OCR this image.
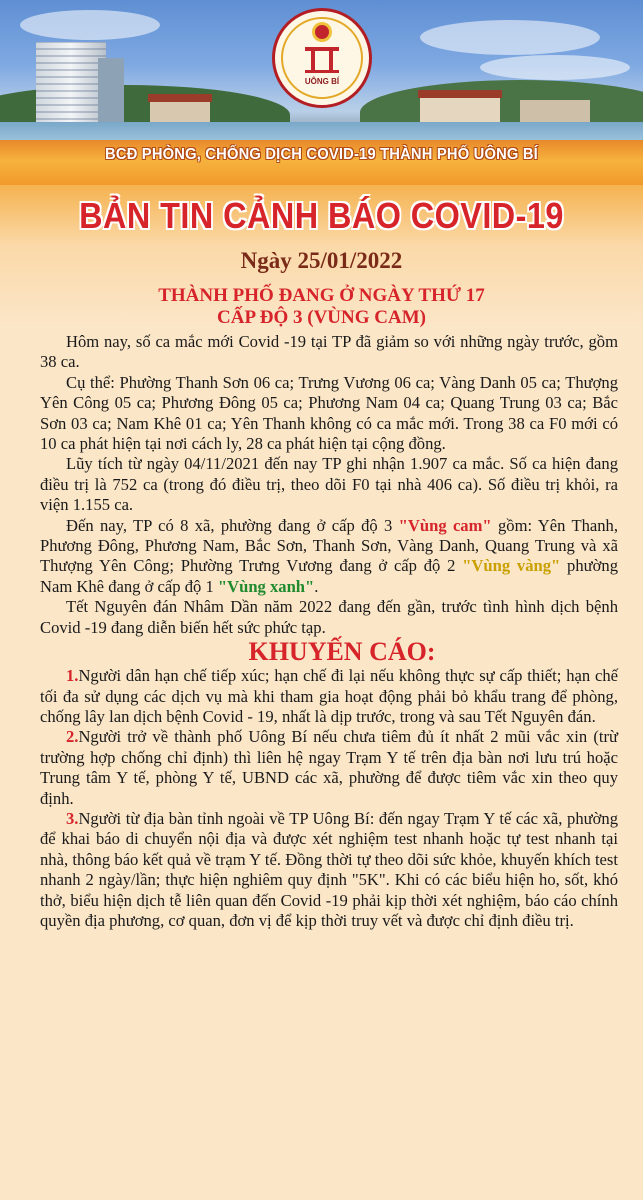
UÔNG BÍ
BCĐ PHÒNG, CHỐNG DỊCH COVID-19 THÀNH PHỐ UÔNG BÍ
BẢN TIN CẢNH BÁO COVID-19
Ngày 25/01/2022
THÀNH PHỐ ĐANG Ở NGÀY THỨ 17
CẤP ĐỘ 3 (VÙNG CAM)

Hôm nay, số ca mắc mới Covid -19 tại TP đã giảm so với những ngày trước, gồm 38 ca.

Cụ thể: Phường Thanh Sơn 06 ca; Trưng Vương 06 ca; Vàng Danh 05 ca; Thượng Yên Công 05 ca; Phương Đông 05 ca; Phương Nam 04 ca; Quang Trung 03 ca; Bắc Sơn 03 ca; Nam Khê 01 ca; Yên Thanh không có ca mắc mới. Trong 38 ca F0 mới có 10 ca phát hiện tại nơi cách ly, 28 ca phát hiện tại cộng đồng.

Lũy tích từ ngày 04/11/2021 đến nay TP ghi nhận 1.907 ca mắc. Số ca hiện đang điều trị là 752 ca (trong đó điều trị, theo dõi F0 tại nhà 406 ca). Số điều trị khỏi, ra viện 1.155 ca.

Đến nay, TP có 8 xã, phường đang ở cấp độ 3 "Vùng cam" gồm: Yên Thanh, Phương Đông, Phương Nam, Bắc Sơn, Thanh Sơn, Vàng Danh, Quang Trung và xã Thượng Yên Công; Phường Trưng Vương đang ở cấp độ 2 "Vùng vàng" phường Nam Khê đang ở cấp độ 1 "Vùng xanh".

Tết Nguyên đán Nhâm Dần năm 2022 đang đến gần, trước tình hình dịch bệnh Covid -19 đang diễn biến hết sức phức tạp.

KHUYẾN CÁO:

1.Người dân hạn chế tiếp xúc; hạn chế đi lại nếu không thực sự cấp thiết; hạn chế tối đa sử dụng các dịch vụ mà khi tham gia hoạt động phải bỏ khẩu trang để phòng, chống lây lan dịch bệnh Covid - 19, nhất là dịp trước, trong và sau Tết Nguyên đán.

2.Người trở về thành phố Uông Bí nếu chưa tiêm đủ ít nhất 2 mũi vắc xin (trừ trường hợp chống chỉ định) thì liên hệ ngay Trạm Y tế trên địa bàn nơi lưu trú hoặc Trung tâm Y tế, phòng Y tế, UBND các xã, phường để được tiêm vắc xin theo quy định.

3.Người từ địa bàn tỉnh ngoài về TP Uông Bí: đến ngay Trạm Y tế các xã, phường để khai báo di chuyển nội địa và được xét nghiệm test nhanh hoặc tự test nhanh tại nhà, thông báo kết quả về trạm Y tế. Đồng thời tự theo dõi sức khỏe, khuyến khích test nhanh 2 ngày/lần; thực hiện nghiêm quy định "5K". Khi có các biểu hiện ho, sốt, khó thở, biểu hiện dịch tễ liên quan đến Covid -19 phải kịp thời xét nghiệm, báo cáo chính quyền địa phương, cơ quan, đơn vị để kịp thời truy vết và được chỉ định điều trị.
